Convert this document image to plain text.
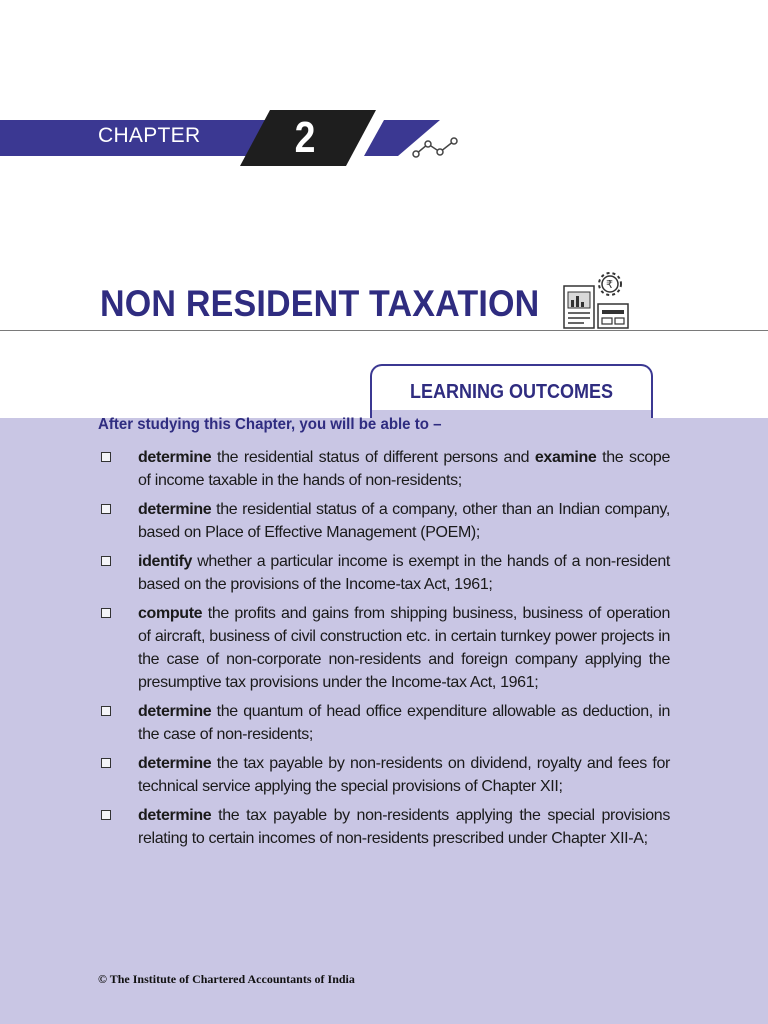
CHAPTER 2
NON RESIDENT TAXATION	₹
LEARNING OUTCOMES
After studying this Chapter, you will be able to –
determine the residential status of different persons and examine the scope of income taxable in the hands of non-residents;
determine the residential status of a company, other than an Indian company, based on Place of Effective Management (POEM);
identify whether a particular income is exempt in the hands of a non-resident based on the provisions of the Income-tax Act, 1961;
compute the profits and gains from shipping business, business of operation of aircraft, business of civil construction etc. in certain turnkey power projects in the case of non-corporate non-residents and foreign company applying the presumptive tax provisions under the Income-tax Act, 1961;
determine the quantum of head office expenditure allowable as deduction, in the case of non-residents;
determine the tax payable by non-residents on dividend, royalty and fees for technical service applying the special provisions of Chapter XII;
determine the tax payable by non-residents applying the special provisions relating to certain incomes of non-residents prescribed under Chapter XII-A;
© The Institute of Chartered Accountants of India
